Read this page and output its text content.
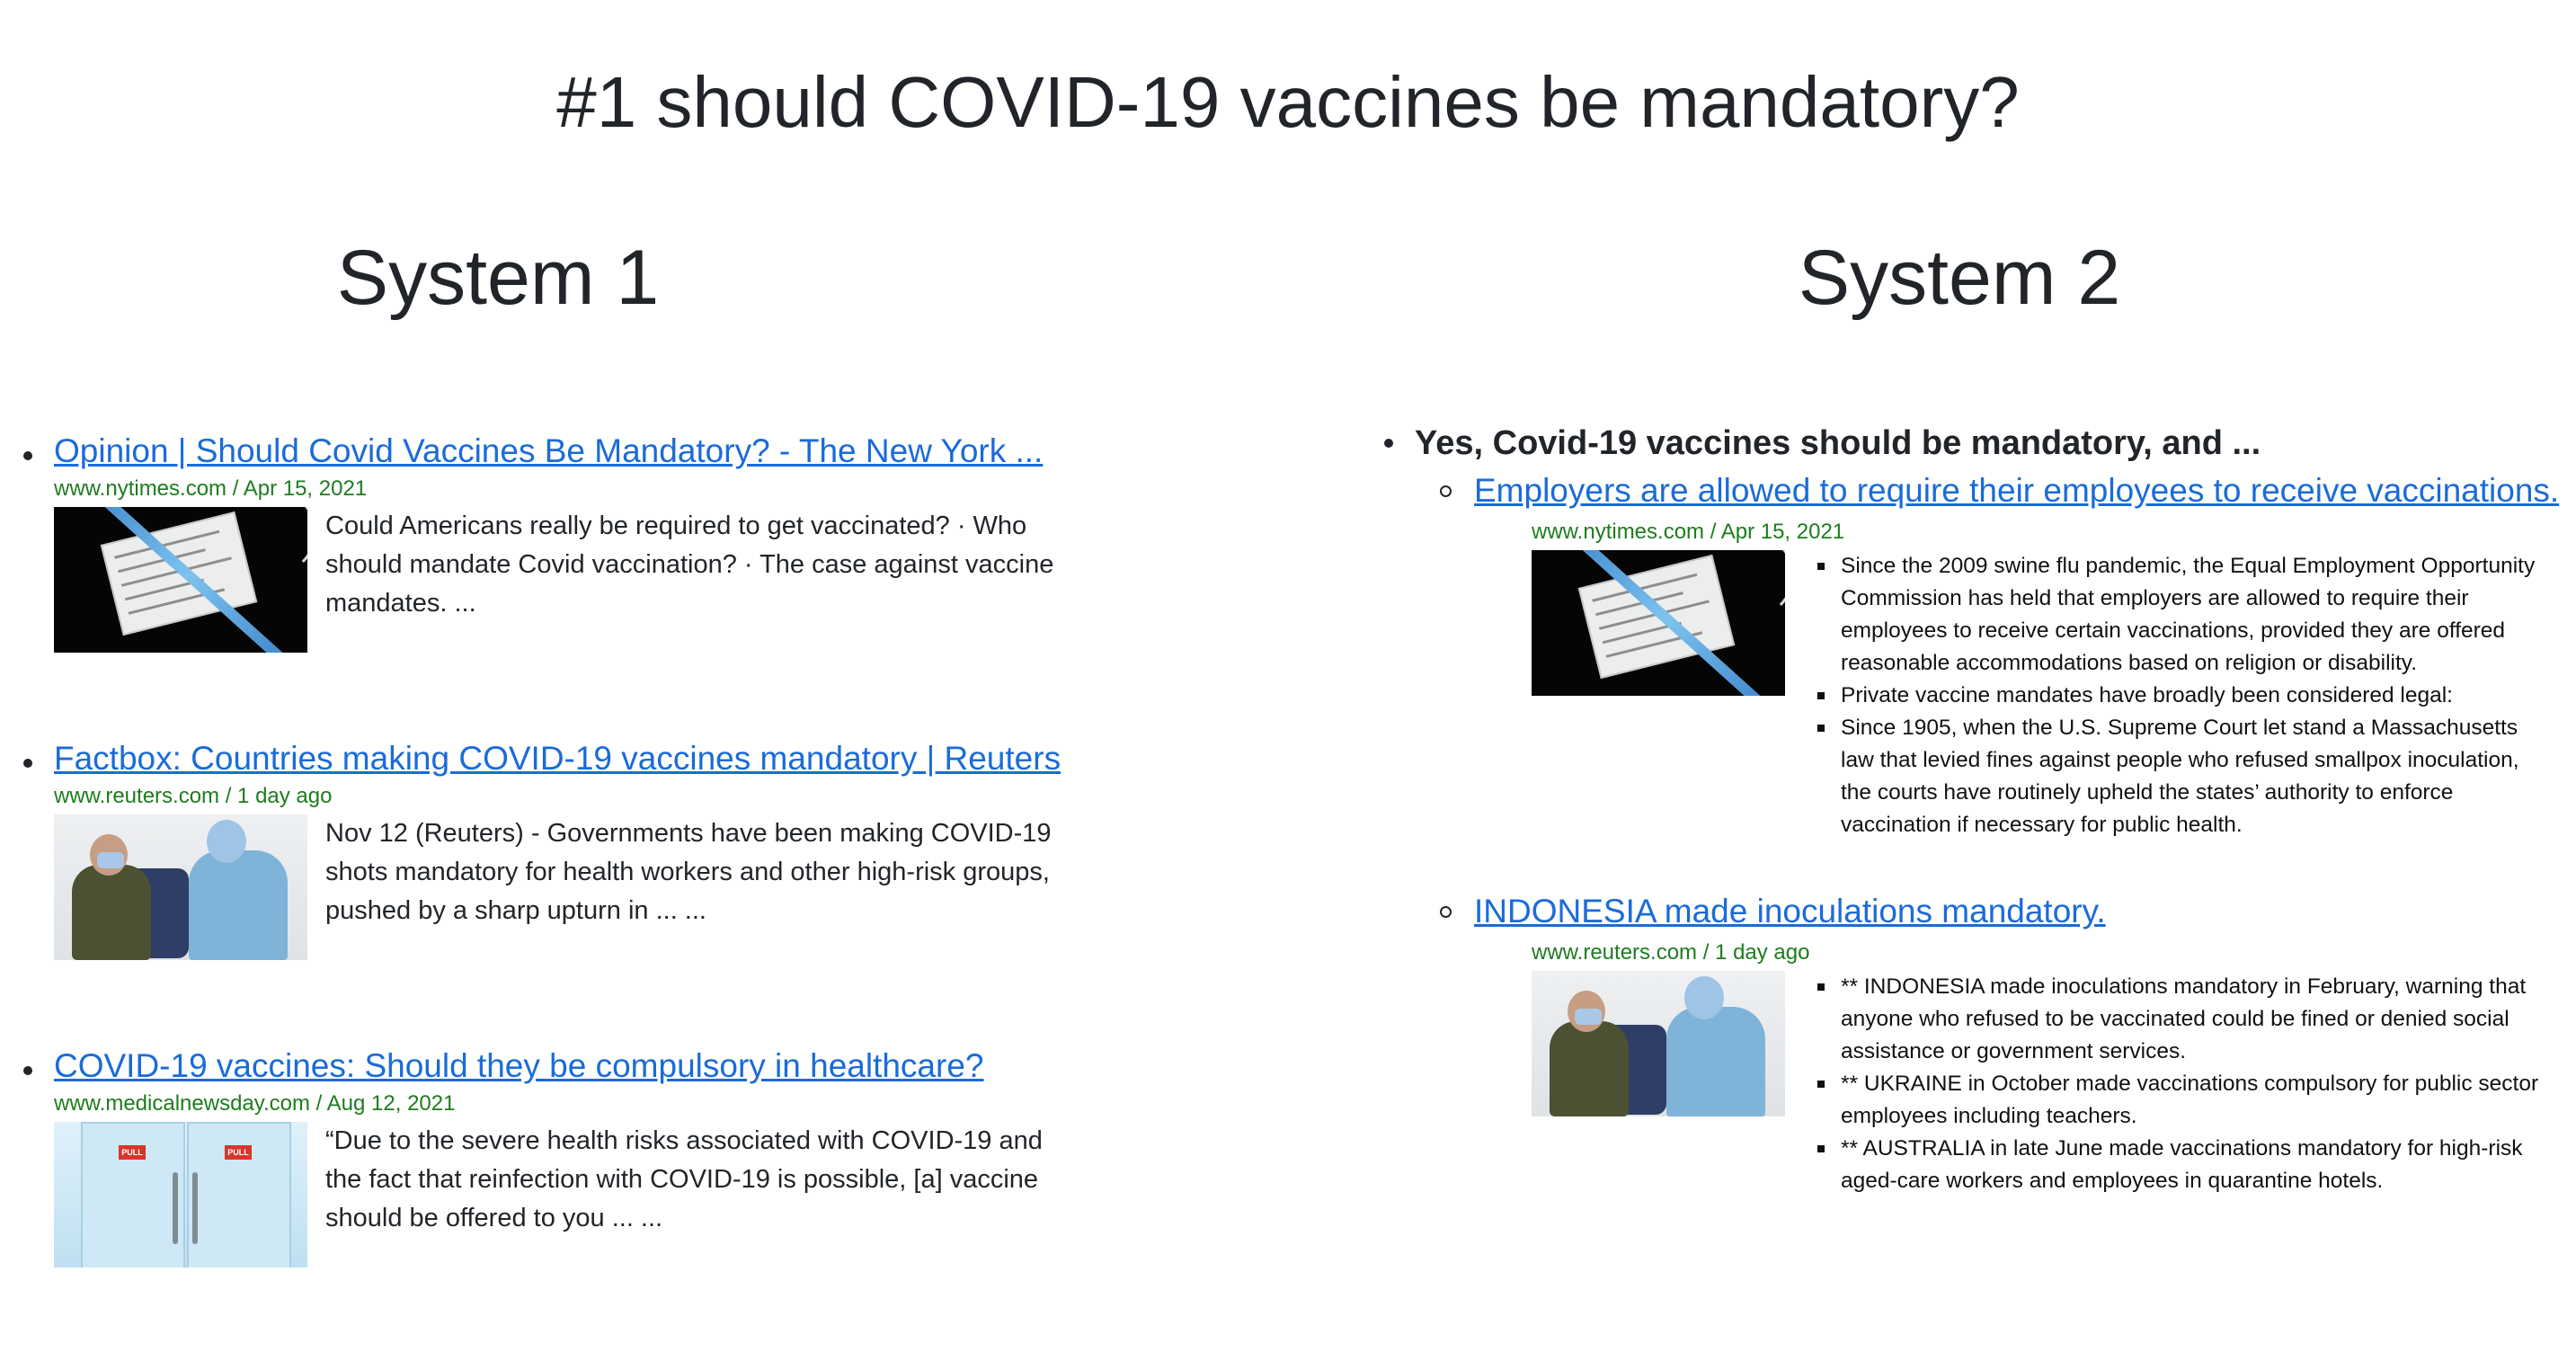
#1 should COVID-19 vaccines be mandatory?
System 1	System 2
Opinion | Should Covid Vaccines Be Mandatory? - The New York ...
www.nytimes.com / Apr 15, 2021
Could Americans really be required to get vaccinated? · Who should mandate Covid vaccination? · The case against vaccine mandates. ...
Factbox: Countries making COVID-19 vaccines mandatory | Reuters
www.reuters.com / 1 day ago
Nov 12 (Reuters) - Governments have been making COVID-19 shots mandatory for health workers and other high-risk groups, pushed by a sharp upturn in ... ...
COVID-19 vaccines: Should they be compulsory in healthcare?
www.medicalnewsday.com / Aug 12, 2021
PULL	PULL	“Due to the severe health risks associated with COVID-19 and the fact that reinfection with COVID-19 is possible, [a] vaccine should be offered to you ... ...
Yes, Covid-19 vaccines should be mandatory, and ...
Employers are allowed to require their employees to receive vaccinations.
www.nytimes.com / Apr 15, 2021
Since the 2009 swine flu pandemic, the Equal Employment Opportunity Commission has held that employers are allowed to require their employees to receive certain vaccinations, provided they are offered reasonable accommodations based on religion or disability.
Private vaccine mandates have broadly been considered legal:
Since 1905, when the U.S. Supreme Court let stand a Massachusetts law that levied fines against people who refused smallpox inoculation, the courts have routinely upheld the states’ authority to enforce vaccination if necessary for public health.
INDONESIA made inoculations mandatory.
www.reuters.com / 1 day ago
** INDONESIA made inoculations mandatory in February, warning that anyone who refused to be vaccinated could be fined or denied social assistance or government services.
** UKRAINE in October made vaccinations compulsory for public sector employees including teachers.
** AUSTRALIA in late June made vaccinations mandatory for high-risk aged-care workers and employees in quarantine hotels.
